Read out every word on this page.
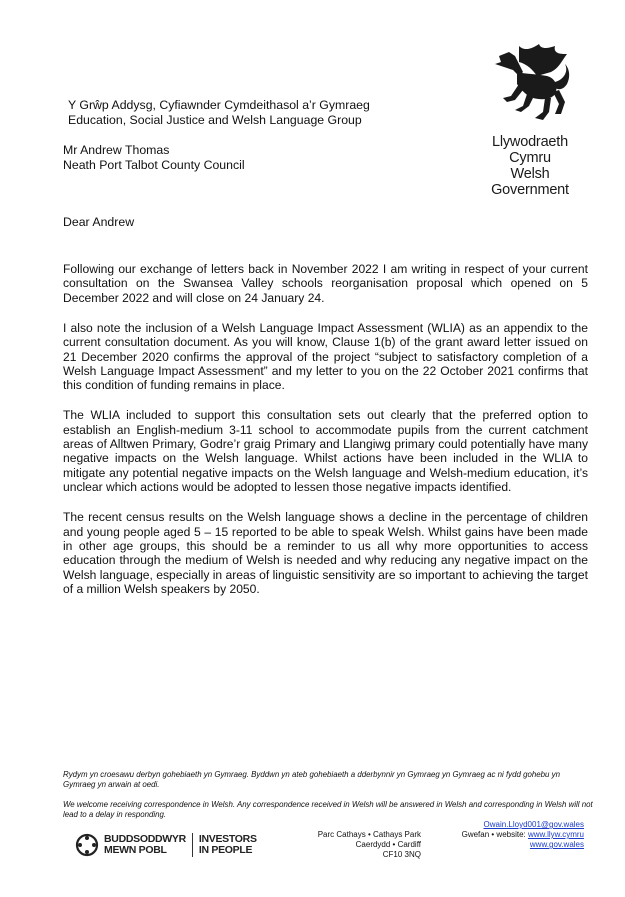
Y Grŵp Addysg, Cyfiawnder Cymdeithasol a’r Gymraeg
Education, Social Justice and Welsh Language Group
Llywodraeth Cymru
Welsh Government
Mr Andrew Thomas
Neath Port Talbot County Council
Dear Andrew

Following our exchange of letters back in November 2022 I am writing in respect of your current consultation on the Swansea Valley schools reorganisation proposal which opened on 5 December 2022 and will close on 24 January 24.

I also note the inclusion of a Welsh Language Impact Assessment (WLIA) as an appendix to the current consultation document. As you will know, Clause 1(b) of the grant award letter issued on 21 December 2020 confirms the approval of the project “subject to satisfactory completion of a Welsh Language Impact Assessment” and my letter to you on the 22 October 2021 confirms that this condition of funding remains in place.

The WLIA included to support this consultation sets out clearly that the preferred option to establish an English-medium 3-11 school to accommodate pupils from the current catchment areas of Alltwen Primary, Godre’r graig Primary and Llangiwg primary could potentially have many negative impacts on the Welsh language. Whilst actions have been included in the WLIA to mitigate any potential negative impacts on the Welsh language and Welsh-medium education, it’s unclear which actions would be adopted to lessen those negative impacts identified.

The recent census results on the Welsh language shows a decline in the percentage of children and young people aged 5 – 15 reported to be able to speak Welsh. Whilst gains have been made in other age groups, this should be a reminder to us all why more opportunities to access education through the medium of Welsh is needed and why reducing any negative impact on the Welsh language, especially in areas of linguistic sensitivity are so important to achieving the target of a million Welsh speakers by 2050.

Rydym yn croesawu derbyn gohebiaeth yn Gymraeg. Byddwn yn ateb gohebiaeth a dderbynnir yn Gymraeg yn Gymraeg ac ni fydd gohebu yn Gymraeg yn arwain at oedi.
We welcome receiving correspondence in Welsh. Any correspondence received in Welsh will be answered in Welsh and corresponding in Welsh will not lead to a delay in responding.
BUDDSODDWYR
MEWN POBL
INVESTORS
IN PEOPLE
Parc Cathays • Cathays Park
Caerdydd • Cardiff
CF10 3NQ
Owain.Lloyd001@gov.wales
Gwefan • website: www.llyw.cymru
www.gov.wales
